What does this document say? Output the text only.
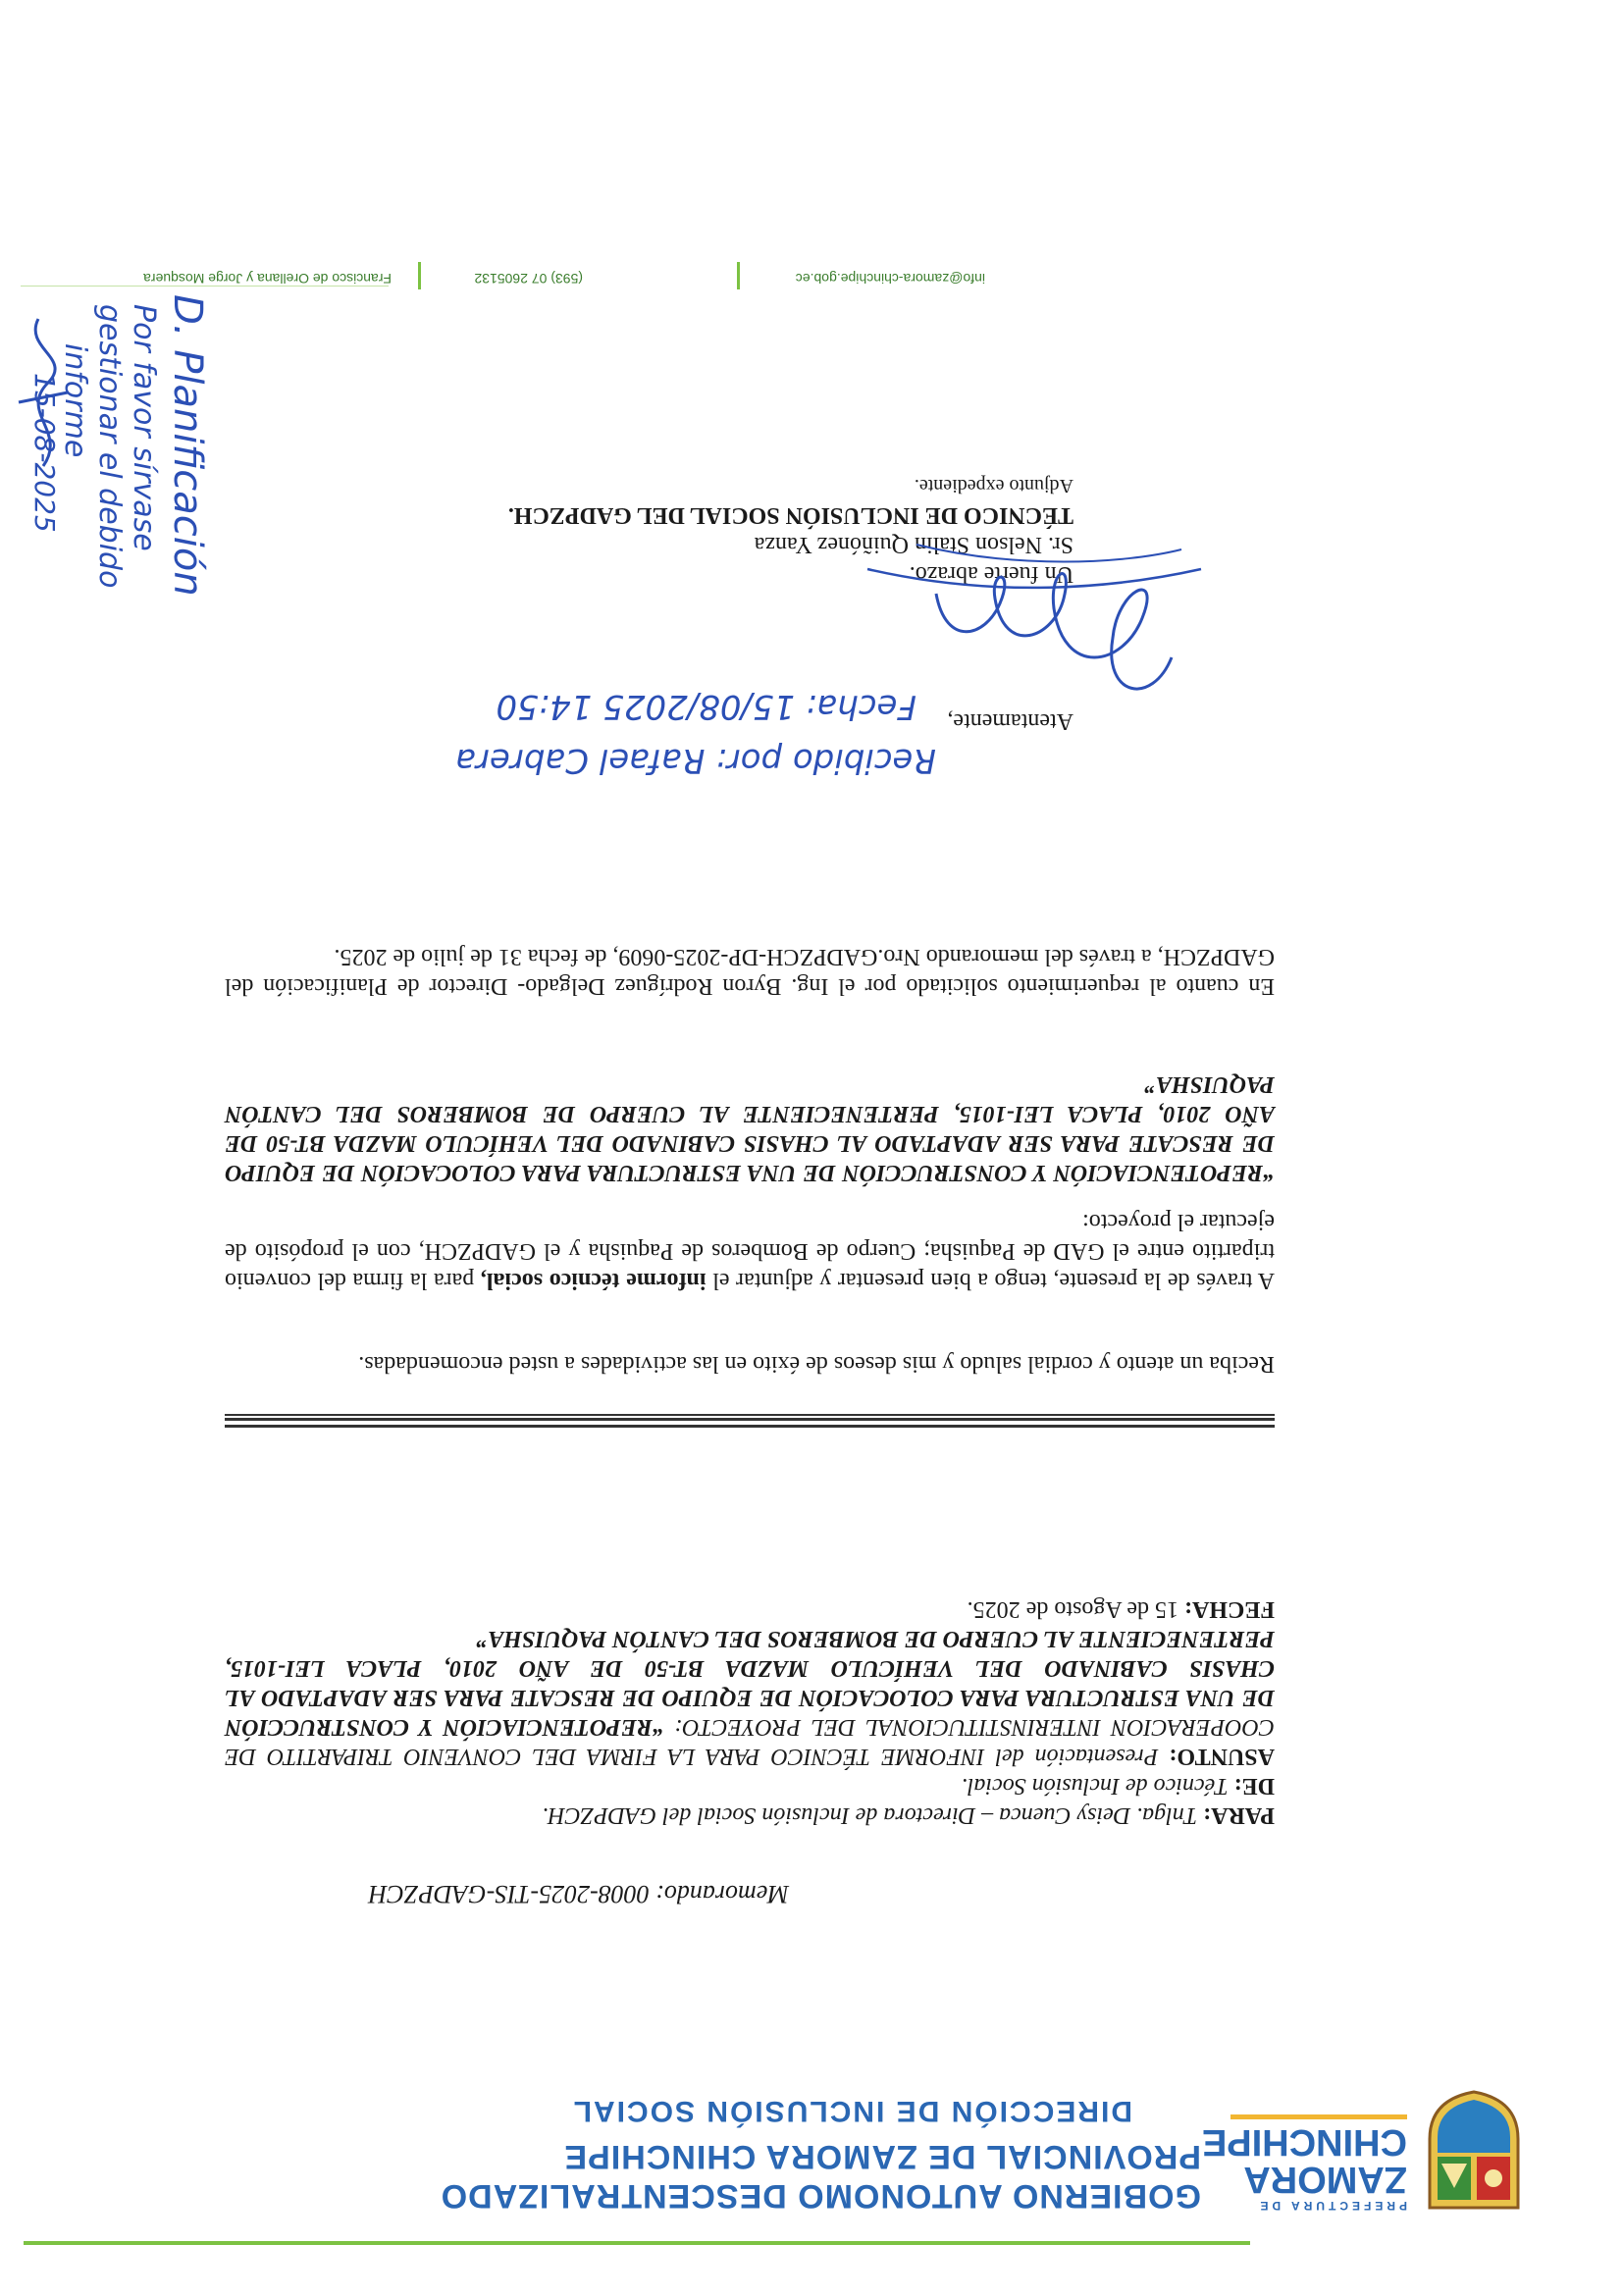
PREFECTURA DE
ZAMORA
CHINCHIPE
GOBIERNO AUTONOMO DESCENTRALIZADO
PROVINCIAL DE ZAMORA CHINCHIPE
DIRECCIÓN DE INCLUSIÓN SOCIAL
Memorando: 0008-2025-TIS-GADPZCH
PARA: Tnlga. Deisy Cuenca – Directora de Inclusión Social del GADPZCH.
DE: Técnico de Inclusión Social.
ASUNTO: Presentación del INFORME TÉCNICO PARA LA FIRMA DEL CONVENIO TRIPARTITO DE COOPERACION INTERINSTITUCIONAL DEL PROYECTO: “REPOTENCIACIÓN Y CONSTRUCCIÓN DE UNA ESTRUCTURA PARA COLOCACIÓN DE EQUIPO DE RESCATE PARA SER ADAPTADO AL CHASIS CABINADO DEL VEHÍCULO MAZDA BT-50 DE AÑO 2010, PLACA LEI-1015, PERTENECIENTE AL CUERPO DE BOMBEROS DEL CANTÓN PAQUISHA”
FECHA: 15 de Agosto de 2025.
Reciba un atento y cordial saludo y mis deseos de éxito en las actividades a usted encomendadas.
A través de la presente, tengo a bien presentar y adjuntar el informe técnico social, para la firma del convenio tripartito entre el GAD de Paquisha; Cuerpo de Bomberos de Paquisha y el GADPZCH, con el propósito de ejecutar el proyecto:
“REPOTENCIACIÓN Y CONSTRUCCIÓN DE UNA ESTRUCTURA PARA COLOCACIÓN DE EQUIPO DE RESCATE PARA SER ADAPTADO AL CHASIS CABINADO DEL VEHÍCULO MAZDA BT-50 DE AÑO 2010, PLACA LEI-1015, PERTENECIENTE AL CUERPO DE BOMBEROS DEL CANTÓN PAQUISHA”
En cuanto al requerimiento solicitado por el Ing. Byron Rodríguez Delgado- Director de Planificación del GADPZCH, a través del memorando Nro.GADPZCH-DP-2025-0609, de fecha 31 de julio de 2025.
Atentamente,
Un fuerte abrazo.
Sr. Nelson Stalin Quiñónez Yanza
TÉCNICO DE INCLUSIÓN SOCIAL DEL GADPZCH.
Adjunto expediente.
Francisco de Orellana y Jorge Mosquera	(593) 07 2605132	info@zamora-chinchipe.gob.ec
Recibido por: Rafael Cabrera
Fecha: 15/08/2025 14:50
D. Planificación
Por favor sírvase
gestionar el debido
informe
15-08-2025
